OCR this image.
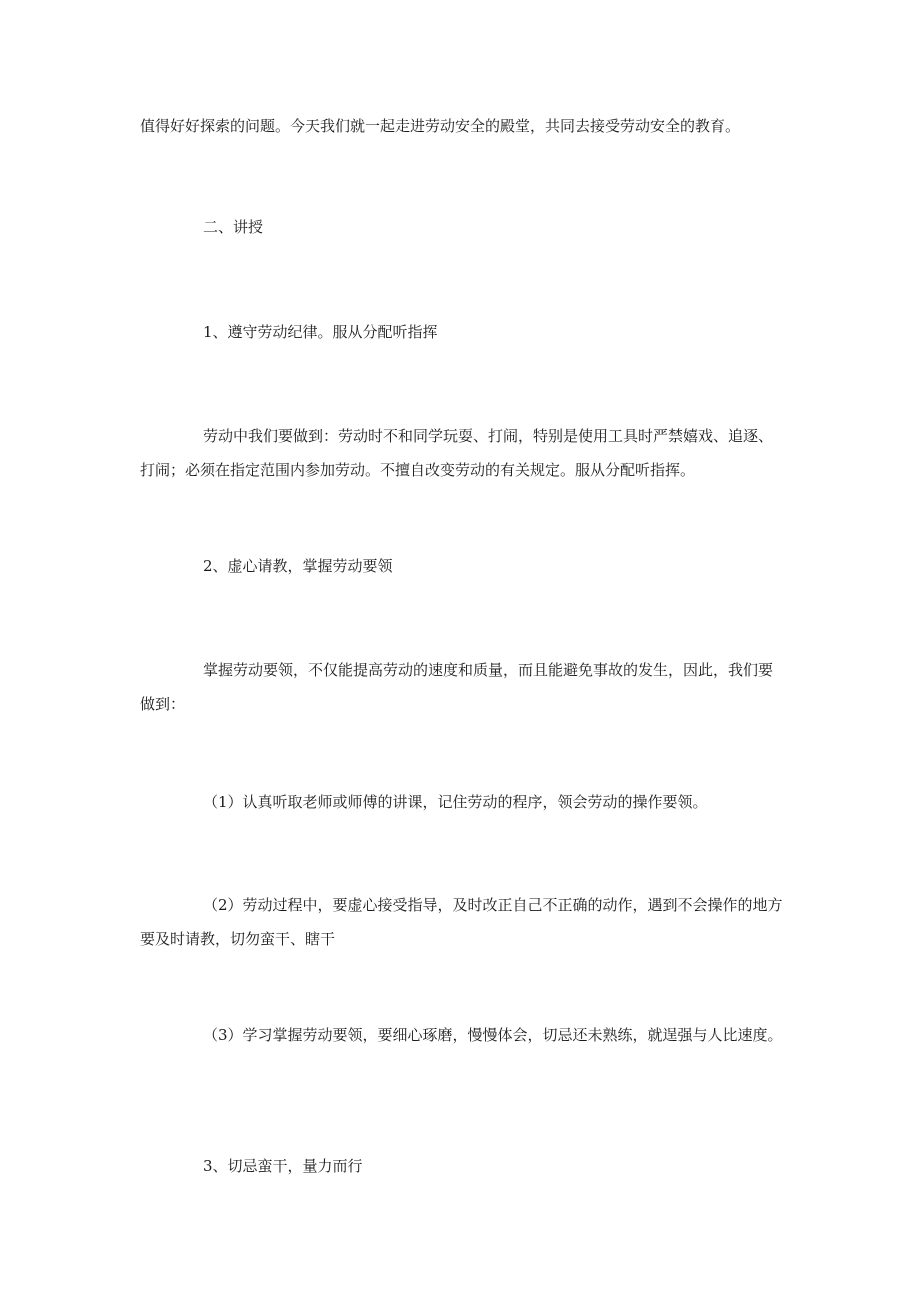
值得好好探索的问题。今天我们就一起走进劳动安全的殿堂，共同去接受劳动安全的教育。

二、讲授

1、遵守劳动纪律。服从分配听指挥

劳动中我们要做到：劳动时不和同学玩耍、打闹，特别是使用工具时严禁嬉戏、追逐、打闹；必须在指定范围内参加劳动。不擅自改变劳动的有关规定。服从分配听指挥。

2、虚心请教，掌握劳动要领

掌握劳动要领，不仅能提高劳动的速度和质量，而且能避免事故的发生，因此，我们要做到：

（1）认真听取老师或师傅的讲课，记住劳动的程序，领会劳动的操作要领。

（2）劳动过程中，要虚心接受指导，及时改正自己不正确的动作，遇到不会操作的地方要及时请教，切勿蛮干、瞎干

（3）学习掌握劳动要领，要细心琢磨，慢慢体会，切忌还未熟练，就逞强与人比速度。

3、切忌蛮干，量力而行
